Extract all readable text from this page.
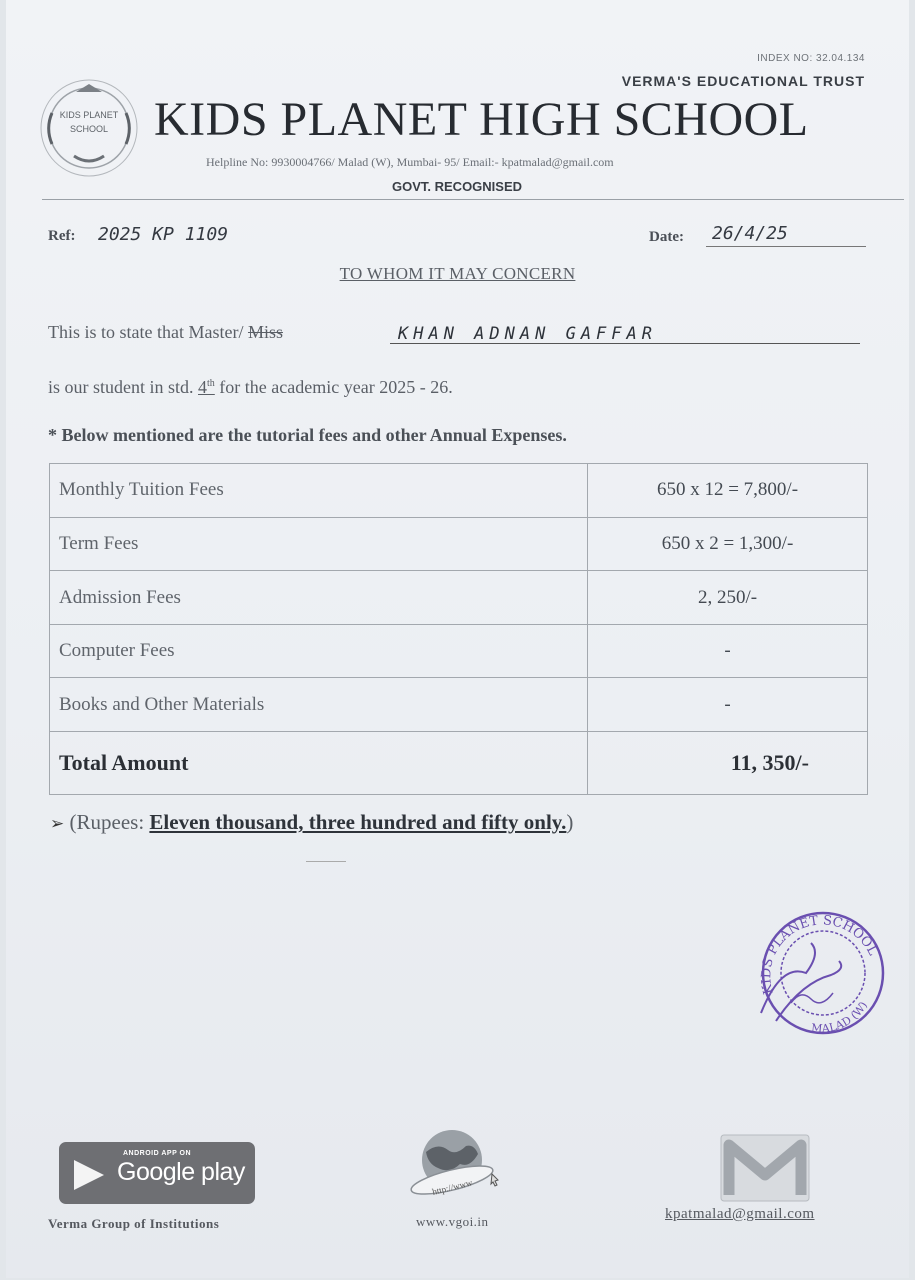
INDEX NO: 32.04.134
VERMA'S EDUCATIONAL TRUST
KIDS PLANET
SCHOOL KIDS PLANET HIGH SCHOOL
Helpline No: 9930004766/ Malad (W), Mumbai- 95/ Email:- kpatmalad@gmail.com
GOVT. RECOGNISED
Ref: 2025 KP 1109	Date: 26/4/25
TO WHOM IT MAY CONCERN
This is to state that Master/ Miss	KHAN ADNAN GAFFAR
is our student in std. 4th for the academic year 2025 - 26.
* Below mentioned are the tutorial fees and other Annual Expenses.
Monthly Tuition Fees	650 x 12 = 7,800/-
Term Fees	650 x 2 = 1,300/-
Admission Fees	2, 250/-
Computer Fees	-
Books and Other Materials	-
Total Amount	11, 350/-
➢ (Rupees: Eleven thousand, three hundred and fifty only.)
KIDS PLANET SCHOOL
MALAD (W)
ANDROID APP ON
Google play
Verma Group of Institutions
http://www
www.vgoi.in	kpatmalad@gmail.com
